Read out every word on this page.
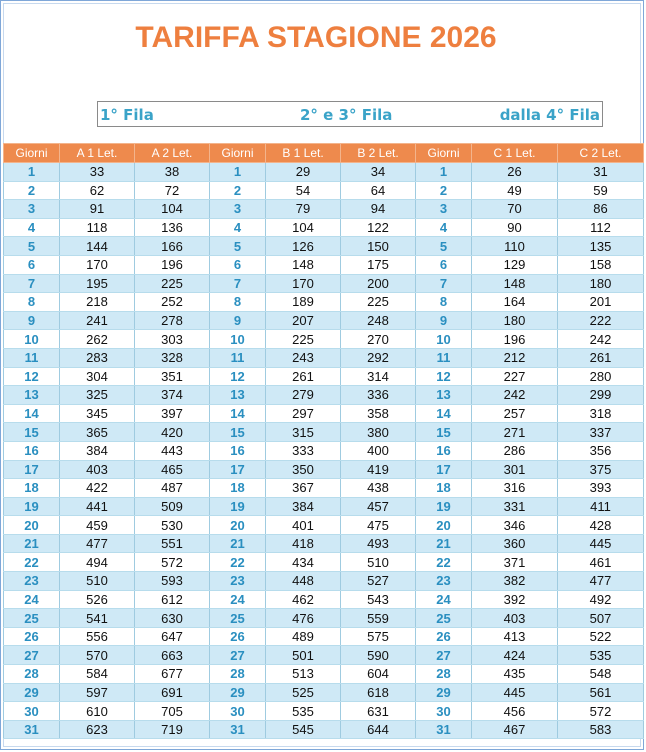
TARIFFA STAGIONE 2026
1° Fila	2° e 3° Fila	dalla 4° Fila
Giorni	A 1 Let.	A 2 Let.	Giorni	B 1 Let.	B 2 Let.	Giorni	C 1 Let.	C 2 Let.
1	33	38	1	29	34	1	26	31
2	62	72	2	54	64	2	49	59
3	91	104	3	79	94	3	70	86
4	118	136	4	104	122	4	90	112
5	144	166	5	126	150	5	110	135
6	170	196	6	148	175	6	129	158
7	195	225	7	170	200	7	148	180
8	218	252	8	189	225	8	164	201
9	241	278	9	207	248	9	180	222
10	262	303	10	225	270	10	196	242
11	283	328	11	243	292	11	212	261
12	304	351	12	261	314	12	227	280
13	325	374	13	279	336	13	242	299
14	345	397	14	297	358	14	257	318
15	365	420	15	315	380	15	271	337
16	384	443	16	333	400	16	286	356
17	403	465	17	350	419	17	301	375
18	422	487	18	367	438	18	316	393
19	441	509	19	384	457	19	331	411
20	459	530	20	401	475	20	346	428
21	477	551	21	418	493	21	360	445
22	494	572	22	434	510	22	371	461
23	510	593	23	448	527	23	382	477
24	526	612	24	462	543	24	392	492
25	541	630	25	476	559	25	403	507
26	556	647	26	489	575	26	413	522
27	570	663	27	501	590	27	424	535
28	584	677	28	513	604	28	435	548
29	597	691	29	525	618	29	445	561
30	610	705	30	535	631	30	456	572
31	623	719	31	545	644	31	467	583
